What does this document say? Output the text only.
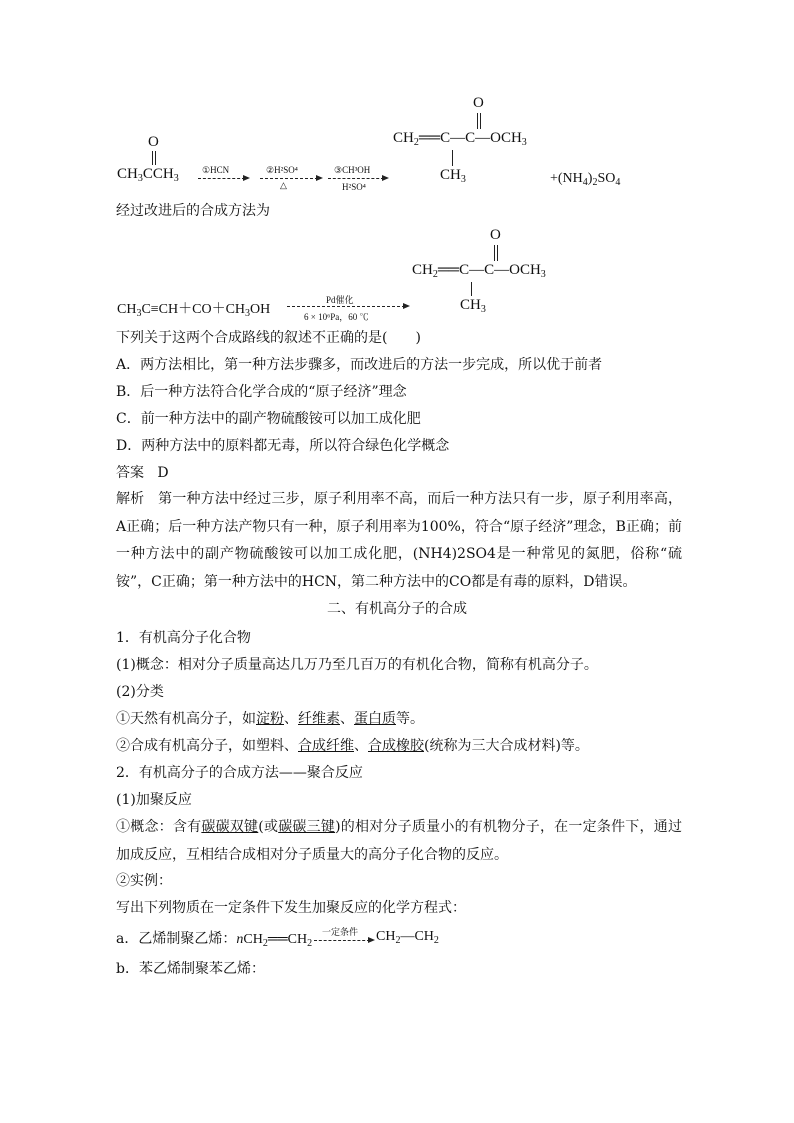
O
$CH_3CCH_3$
①HCN	②H²SO⁴
△
③CH³OH
H²SO⁴
O
$CH_2══C—C—OCH_3$
$CH_3$	$+(NH_4)_2SO_4$
经过改进后的合成方法为
O
$CH_2══C—C—OCH_3$
$CH_3$
$CH_3C\equiv CH+CO+CH_3OH$
Pd催化
6 × 10⁶Pa，60 ℃
下列关于这两个合成路线的叙述不正确的是(　　)
A．两方法相比，第一种方法步骤多，而改进后的方法一步完成，所以优于前者
B．后一种方法符合化学合成的“原子经济”理念
C．前一种方法中的副产物硫酸铵可以加工成化肥
D．两种方法中的原料都无毒，所以符合绿色化学概念
答案 D
解析 第一种方法中经过三步，原子利用率不高，而后一种方法只有一步，原子利用率高，A正确；后一种方法产物只有一种，原子利用率为100%，符合“原子经济”理念，B正确；前一种方法中的副产物硫酸铵可以加工成化肥，(NH4)2SO4是一种常见的氮肥，俗称“硫铵”，C正确；第一种方法中的HCN，第二种方法中的CO都是有毒的原料，D错误。
二、有机高分子的合成
1．有机高分子化合物
(1)概念：相对分子质量高达几万乃至几百万的有机化合物，简称有机高分子。
(2)分类
①天然有机高分子，如淀粉、纤维素、蛋白质等。
②合成有机高分子，如塑料、合成纤维、合成橡胶(统称为三大合成材料)等。
2．有机高分子的合成方法——聚合反应
(1)加聚反应
①概念：含有碳碳双键(或碳碳三键)的相对分子质量小的有机物分子，在一定条件下，通过加成反应，互相结合成相对分子质量大的高分子化合物的反应。
②实例：
写出下列物质在一定条件下发生加聚反应的化学方程式：
a．乙烯制聚乙烯：$nCH_2══CH_2$
一定条件 $CH_2—CH_2$
b．苯乙烯制聚苯乙烯：
